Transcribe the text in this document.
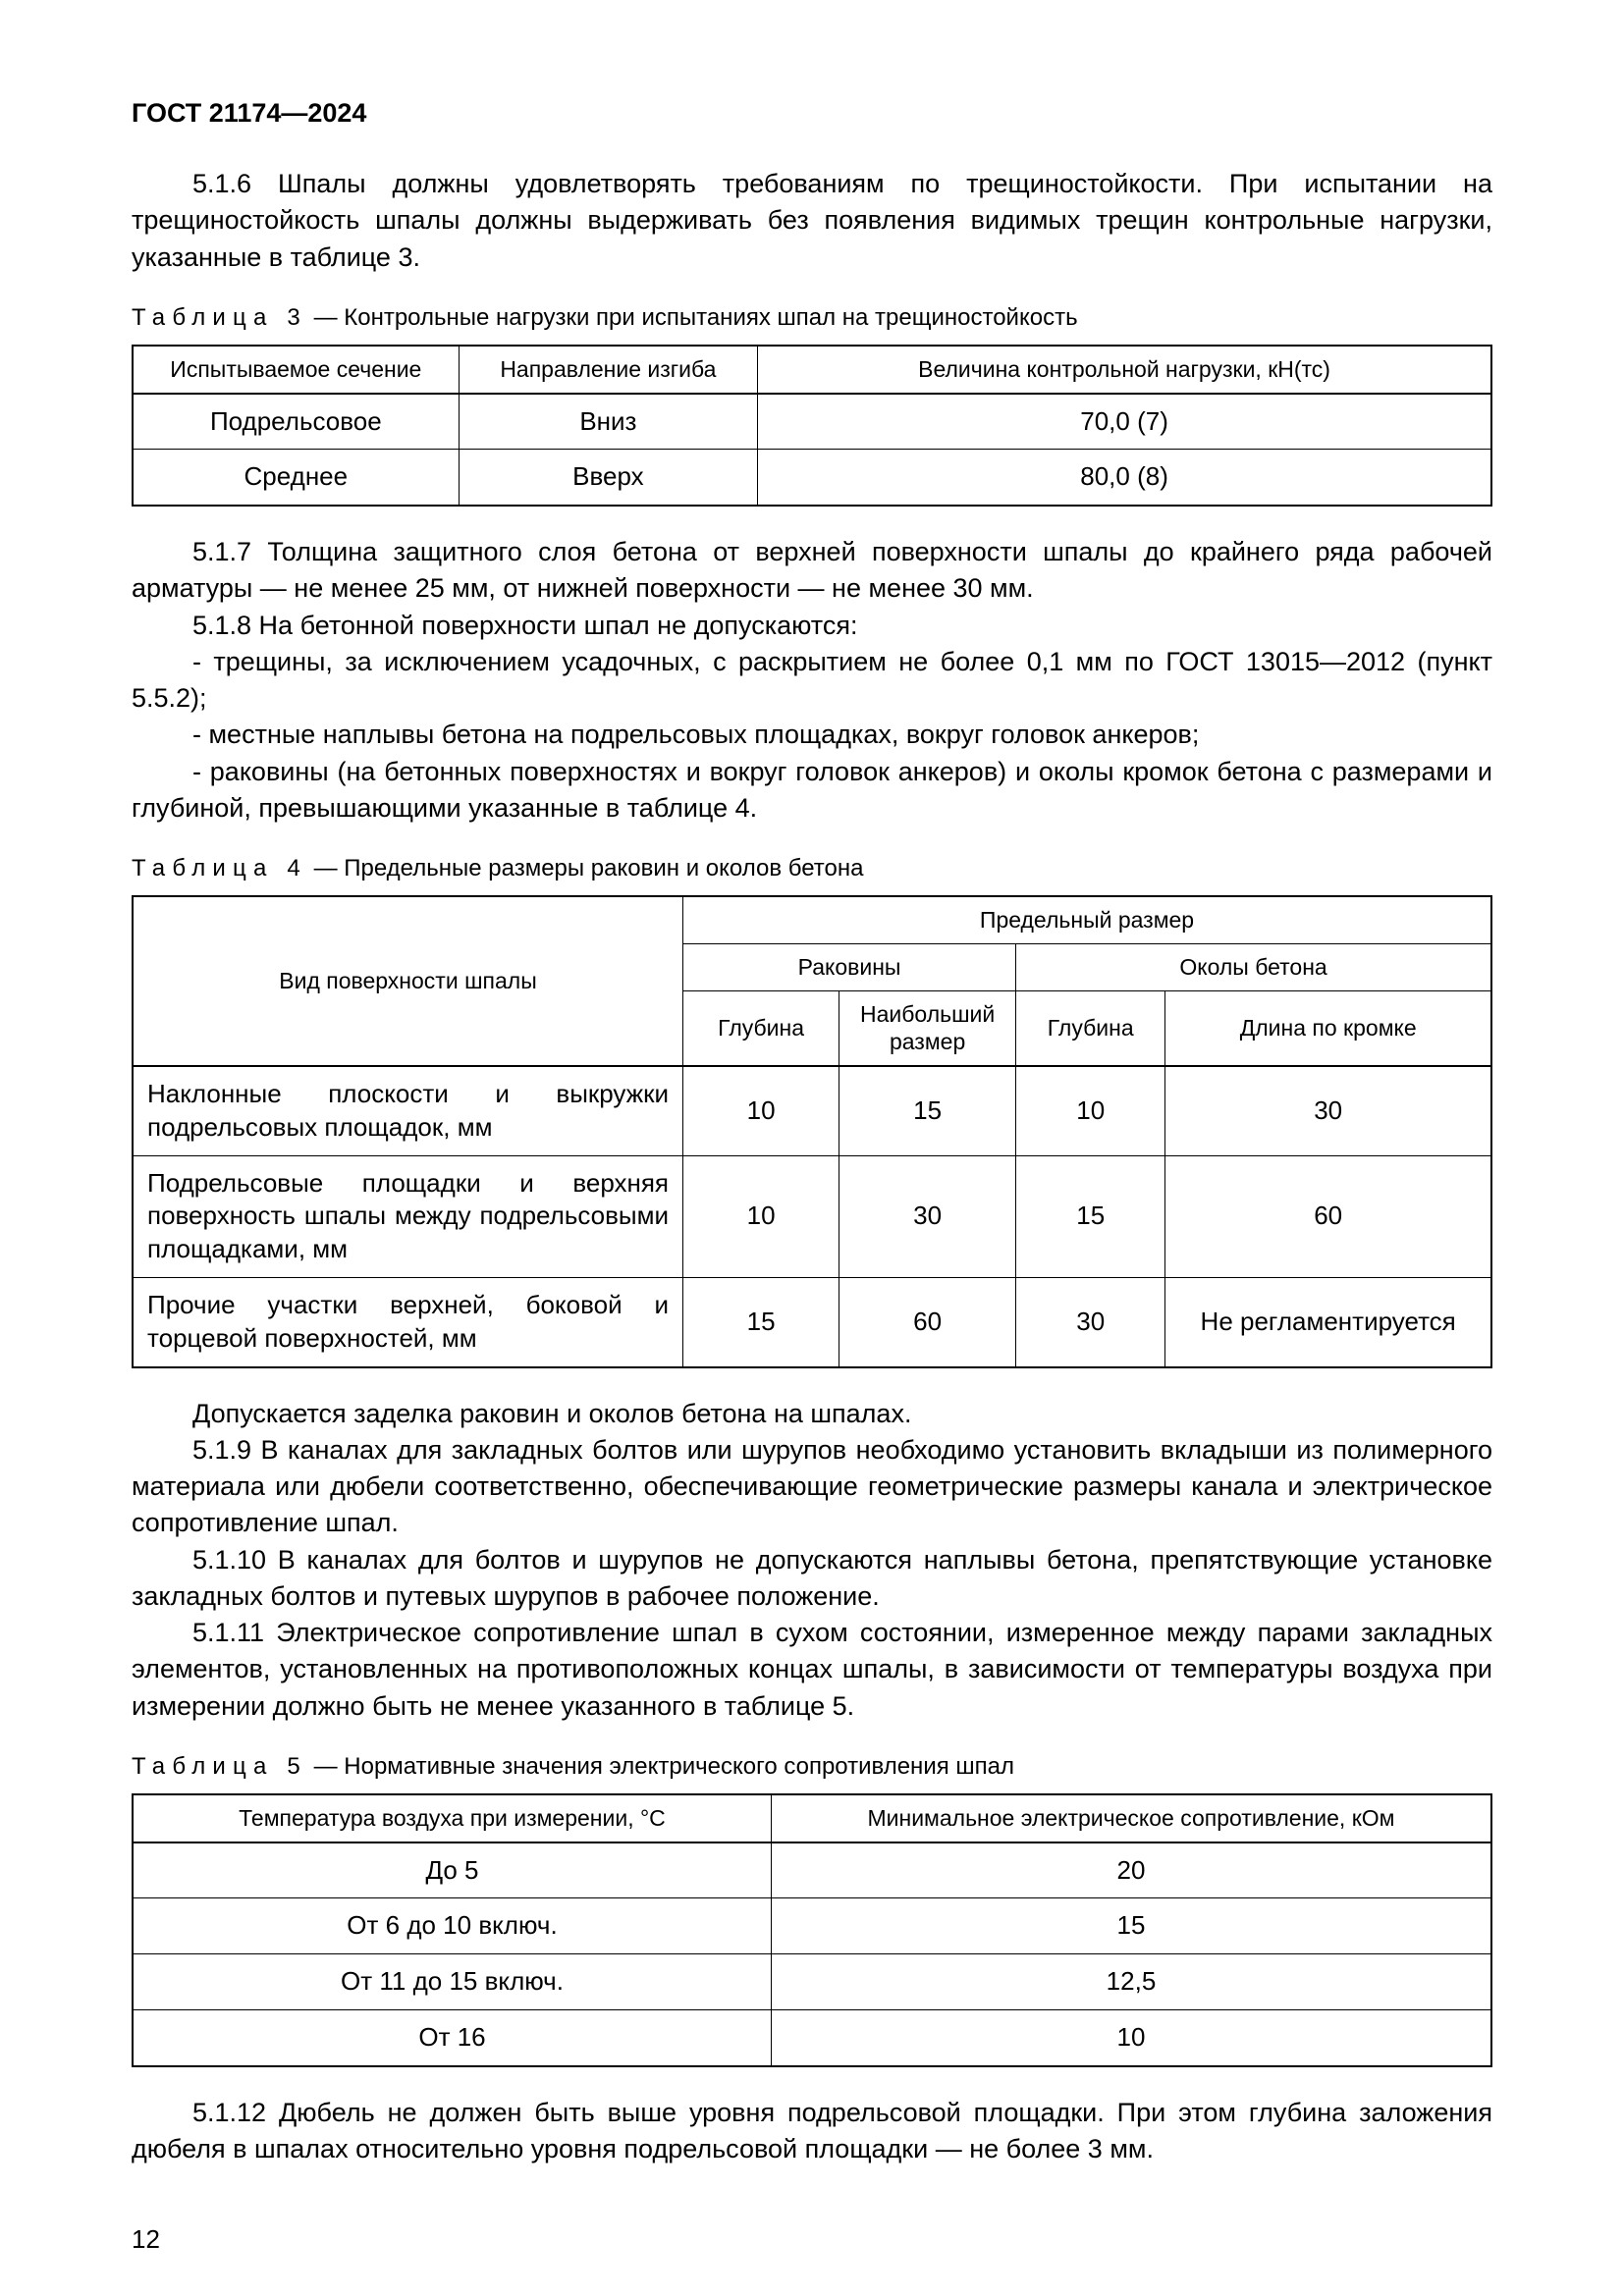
ГОСТ 21174—2024

5.1.6 Шпалы должны удовлетворять требованиям по трещиностойкости. При испытании на трещиностойкость шпалы должны выдерживать без появления видимых трещин контрольные нагрузки, указанные в таблице 3.

Таблица 3 — Контрольные нагрузки при испытаниях шпал на трещиностойкость
Испытываемое сечение	Направление изгиба	Величина контрольной нагрузки, кН(тс)
Подрельсовое	Вниз	70,0 (7)
Среднее	Вверх	80,0 (8)

5.1.7 Толщина защитного слоя бетона от верхней поверхности шпалы до крайнего ряда рабочей арматуры — не менее 25 мм, от нижней поверхности — не менее 30 мм.

5.1.8 На бетонной поверхности шпал не допускаются:

- трещины, за исключением усадочных, с раскрытием не более 0,1 мм по ГОСТ 13015—2012 (пункт 5.5.2);

- местные наплывы бетона на подрельсовых площадках, вокруг головок анкеров;

- раковины (на бетонных поверхностях и вокруг головок анкеров) и околы кромок бетона с размерами и глубиной, превышающими указанные в таблице 4.

Таблица 4 — Предельные размеры раковин и околов бетона
Вид поверхности шпалы	Предельный размер			
	Раковины		Околы бетона	
	Глубина	Наибольший размер	Глубина	Длина по кромке
Наклонные плоскости и выкружки подрельсовых площадок, мм	10	15	10	30
Подрельсовые площадки и верхняя поверхность шпалы между подрельсовыми площадками, мм	10	30	15	60
Прочие участки верхней, боковой и торцевой поверхностей, мм	15	60	30	Не регламентируется

Допускается заделка раковин и околов бетона на шпалах.

5.1.9 В каналах для закладных болтов или шурупов необходимо установить вкладыши из полимерного материала или дюбели соответственно, обеспечивающие геометрические размеры канала и электрическое сопротивление шпал.

5.1.10 В каналах для болтов и шурупов не допускаются наплывы бетона, препятствующие установке закладных болтов и путевых шурупов в рабочее положение.

5.1.11 Электрическое сопротивление шпал в сухом состоянии, измеренное между парами закладных элементов, установленных на противоположных концах шпалы, в зависимости от температуры воздуха при измерении должно быть не менее указанного в таблице 5.

Таблица 5 — Нормативные значения электрического сопротивления шпал
Температура воздуха при измерении, °С	Минимальное электрическое сопротивление, кОм
До 5	20
От 6 до 10 включ.	15
От 11 до 15 включ.	12,5
От 16	10

5.1.12 Дюбель не должен быть выше уровня подрельсовой площадки. При этом глубина заложения дюбеля в шпалах относительно уровня подрельсовой площадки — не более 3 мм.

12
